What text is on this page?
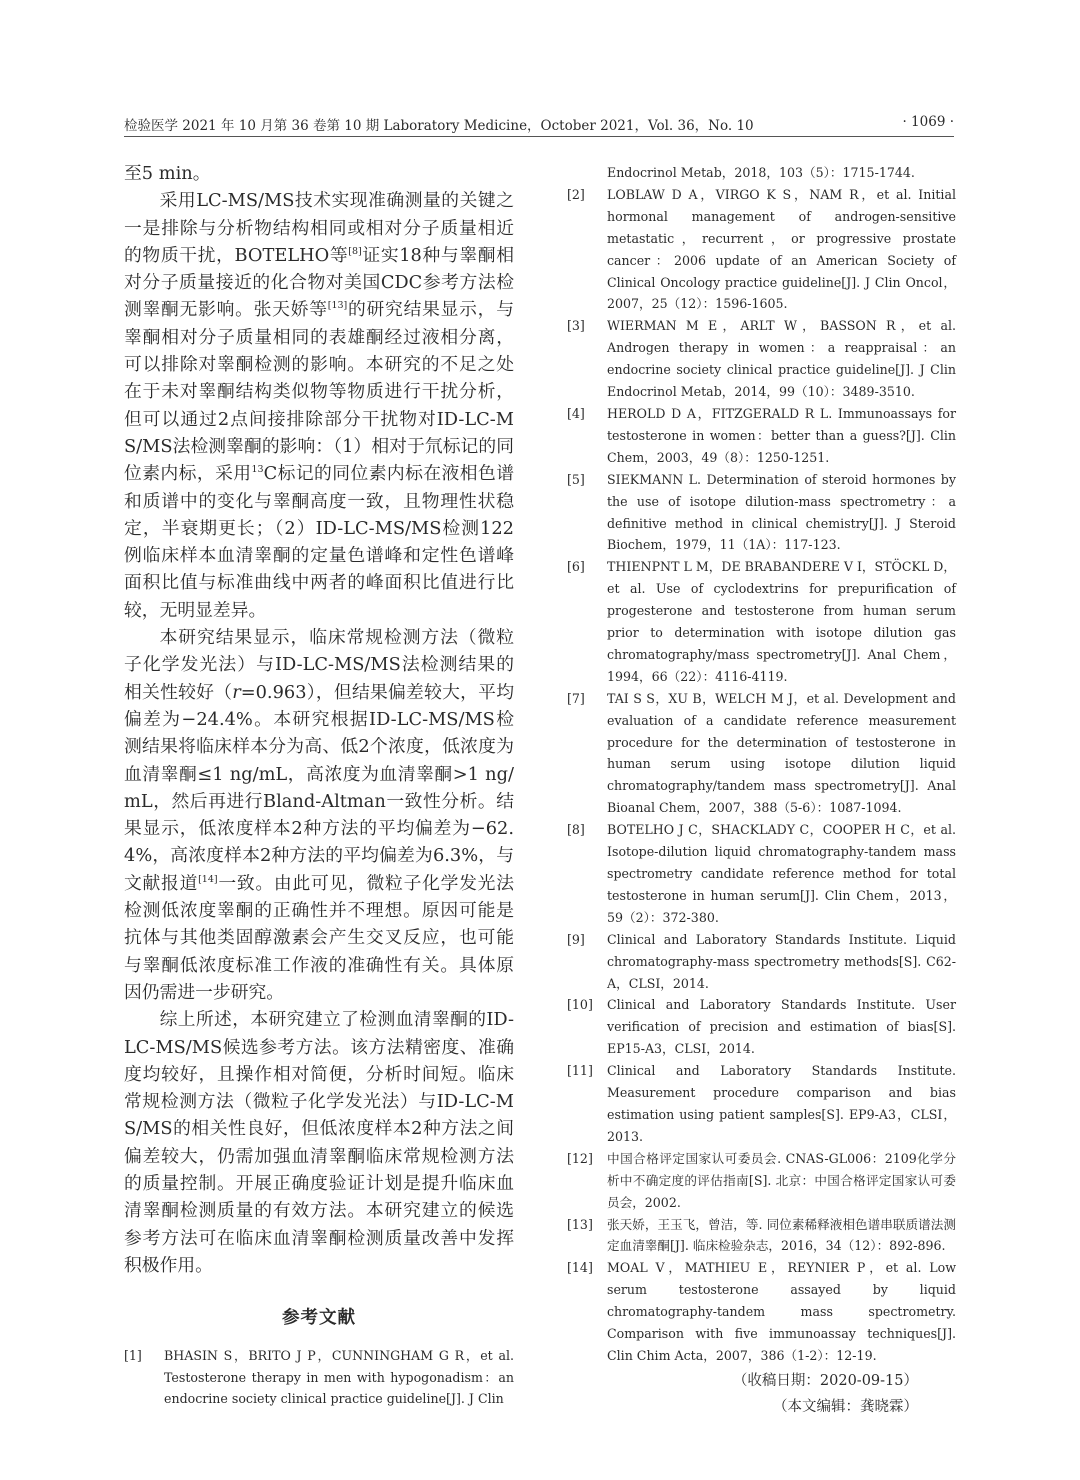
检验医学 2021 年 10 月第 36 卷第 10 期 Laboratory Medicine，October 2021，Vol. 36，No. 10	· 1069 ·

至5 min。

采用LC-MS/MS技术实现准确测量的关键之一是排除与分析物结构相同或相对分子质量相近的物质干扰，BOTELHO等[8]证实18种与睾酮相对分子质量接近的化合物对美国CDC参考方法检测睾酮无影响。张天娇等[13]的研究结果显示，与睾酮相对分子质量相同的表雄酮经过液相分离，可以排除对睾酮检测的影响。本研究的不足之处在于未对睾酮结构类似物等物质进行干扰分析，但可以通过2点间接排除部分干扰物对ID-LC-MS/MS法检测睾酮的影响：（1）相对于氘标记的同位素内标，采用$^{13}$C标记的同位素内标在液相色谱和质谱中的变化与睾酮高度一致，且物理性状稳定，半衰期更长；（2）ID-LC-MS/MS检测122例临床样本血清睾酮的定量色谱峰和定性色谱峰面积比值与标准曲线中两者的峰面积比值进行比较，无明显差异。

本研究结果显示，临床常规检测方法（微粒子化学发光法）与ID-LC-MS/MS法检测结果的相关性较好（r=0.963），但结果偏差较大，平均偏差为−24.4%。本研究根据ID-LC-MS/MS检测结果将临床样本分为高、低2个浓度，低浓度为血清睾酮≤1 ng/mL，高浓度为血清睾酮>1 ng/mL，然后再进行Bland-Altman一致性分析。结果显示，低浓度样本2种方法的平均偏差为−62.4%，高浓度样本2种方法的平均偏差为6.3%，与文献报道[14]一致。由此可见，微粒子化学发光法检测低浓度睾酮的正确性并不理想。原因可能是抗体与其他类固醇激素会产生交叉反应，也可能与睾酮低浓度标准工作液的准确性有关。具体原因仍需进一步研究。

综上所述，本研究建立了检测血清睾酮的ID-LC-MS/MS候选参考方法。该方法精密度、准确度均较好，且操作相对简便，分析时间短。临床常规检测方法（微粒子化学发光法）与ID-LC-MS/MS的相关性良好，但低浓度样本2种方法之间偏差较大，仍需加强血清睾酮临床常规检测方法的质量控制。开展正确度验证计划是提升临床血清睾酮检测质量的有效方法。本研究建立的候选参考方法可在临床血清睾酮检测质量改善中发挥积极作用。

参考文献
[1]	BHASIN S，BRITO J P，CUNNINGHAM G R，et al. Testosterone therapy in men with hypogonadism：an endocrine society clinical practice guideline[J]. J Clin
Endocrinol Metab，2018，103（5）：1715-1744.
[2]	LOBLAW D A，VIRGO K S，NAM R，et al. Initial hormonal management of androgen-sensitive metastatic，recurrent，or progressive prostate cancer：2006 update of an American Society of Clinical Oncology practice guideline[J]. J Clin Oncol，2007，25（12）：1596-1605.
[3]	WIERMAN M E，ARLT W，BASSON R，et al. Androgen therapy in women：a reappraisal：an endocrine society clinical practice guideline[J]. J Clin Endocrinol Metab，2014，99（10）：3489-3510.
[4]	HEROLD D A，FITZGERALD R L. Immunoassays for testosterone in women：better than a guess?[J]. Clin Chem，2003，49（8）：1250-1251.
[5]	SIEKMANN L. Determination of steroid hormones by the use of isotope dilution-mass spectrometry：a definitive method in clinical chemistry[J]. J Steroid Biochem，1979，11（1A）：117-123.
[6]	THIENPNT L M，DE BRABANDERE V I，STÖCKL D，et al. Use of cyclodextrins for prepurification of progesterone and testosterone from human serum prior to determination with isotope dilution gas chromatography/mass spectrometry[J]. Anal Chem，1994，66（22）：4116-4119.
[7]	TAI S S，XU B，WELCH M J，et al. Development and evaluation of a candidate reference measurement procedure for the determination of testosterone in human serum using isotope dilution liquid chromatography/tandem mass spectrometry[J]. Anal Bioanal Chem，2007，388（5-6）：1087-1094.
[8]	BOTELHO J C，SHACKLADY C，COOPER H C，et al. Isotope-dilution liquid chromatography-tandem mass spectrometry candidate reference method for total testosterone in human serum[J]. Clin Chem，2013，59（2）：372-380.
[9]	Clinical and Laboratory Standards Institute. Liquid chromatography-mass spectrometry methods[S]. C62-A，CLSI，2014.
[10]	Clinical and Laboratory Standards Institute. User verification of precision and estimation of bias[S]. EP15-A3，CLSI，2014.
[11]	Clinical and Laboratory Standards Institute. Measurement procedure comparison and bias estimation using patient samples[S]. EP9-A3，CLSI，2013.
[12]	中国合格评定国家认可委员会. CNAS-GL006：2109化学分析中不确定度的评估指南[S]. 北京：中国合格评定国家认可委员会，2002.
[13]	张天娇，王玉飞，曾洁，等. 同位素稀释液相色谱串联质谱法测定血清睾酮[J]. 临床检验杂志，2016，34（12）：892-896.
[14]	MOAL V，MATHIEU E，REYNIER P，et al. Low serum testosterone assayed by liquid chromatography-tandem mass spectrometry. Comparison with five immunoassay techniques[J]. Clin Chim Acta，2007，386（1-2）：12-19.
（收稿日期：2020-09-15）
（本文编辑：龚晓霖）
